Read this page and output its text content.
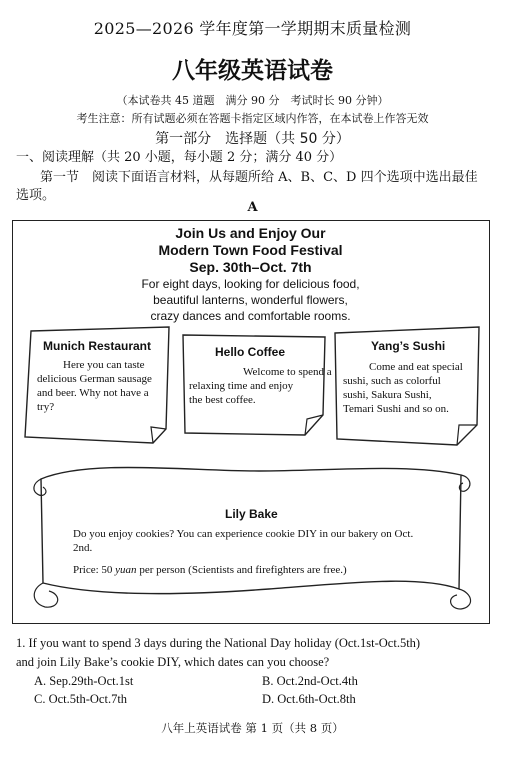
2025—2026 学年度第一学期期末质量检测
八年级英语试卷
（本试卷共 45 道题　满分 90 分　考试时长 90 分钟）
考生注意：所有试题必须在答题卡指定区域内作答，在本试卷上作答无效
第一部分　选择题（共 50 分）
一、阅读理解（共 20 小题，每小题 2 分；满分 40 分）
第一节　阅读下面语言材料，从每题所给 A、B、C、D 四个选项中选出最佳
选项。
A
Join Us and Enjoy Our
Modern Town Food Festival
Sep. 30th–Oct. 7th
For eight days, looking for delicious food,
beautiful lanterns, wonderful flowers,
crazy dances and comfortable rooms.
Munich Restaurant
Here you can taste
delicious German sausage
and beer. Why not have a
try?
Hello Coffee
Welcome to spend a
relaxing time and enjoy
the best coffee.
Yang’s Sushi
Come and eat special
sushi, such as colorful
sushi, Sakura Sushi,
Temari Sushi and so on.
Lily Bake
Do you enjoy cookies? You can experience cookie DIY in our bakery on Oct.
2nd.
Price: 50 yuan per person (Scientists and firefighters are free.)
1. If you want to spend 3 days during the National Day holiday (Oct.1st-Oct.5th)
and join Lily Bake’s cookie DIY, which dates can you choose?
A. Sep.29th-Oct.1st	B. Oct.2nd-Oct.4th
C. Oct.5th-Oct.7th	D. Oct.6th-Oct.8th
八年上英语试卷 第 1 页（共 8 页）
